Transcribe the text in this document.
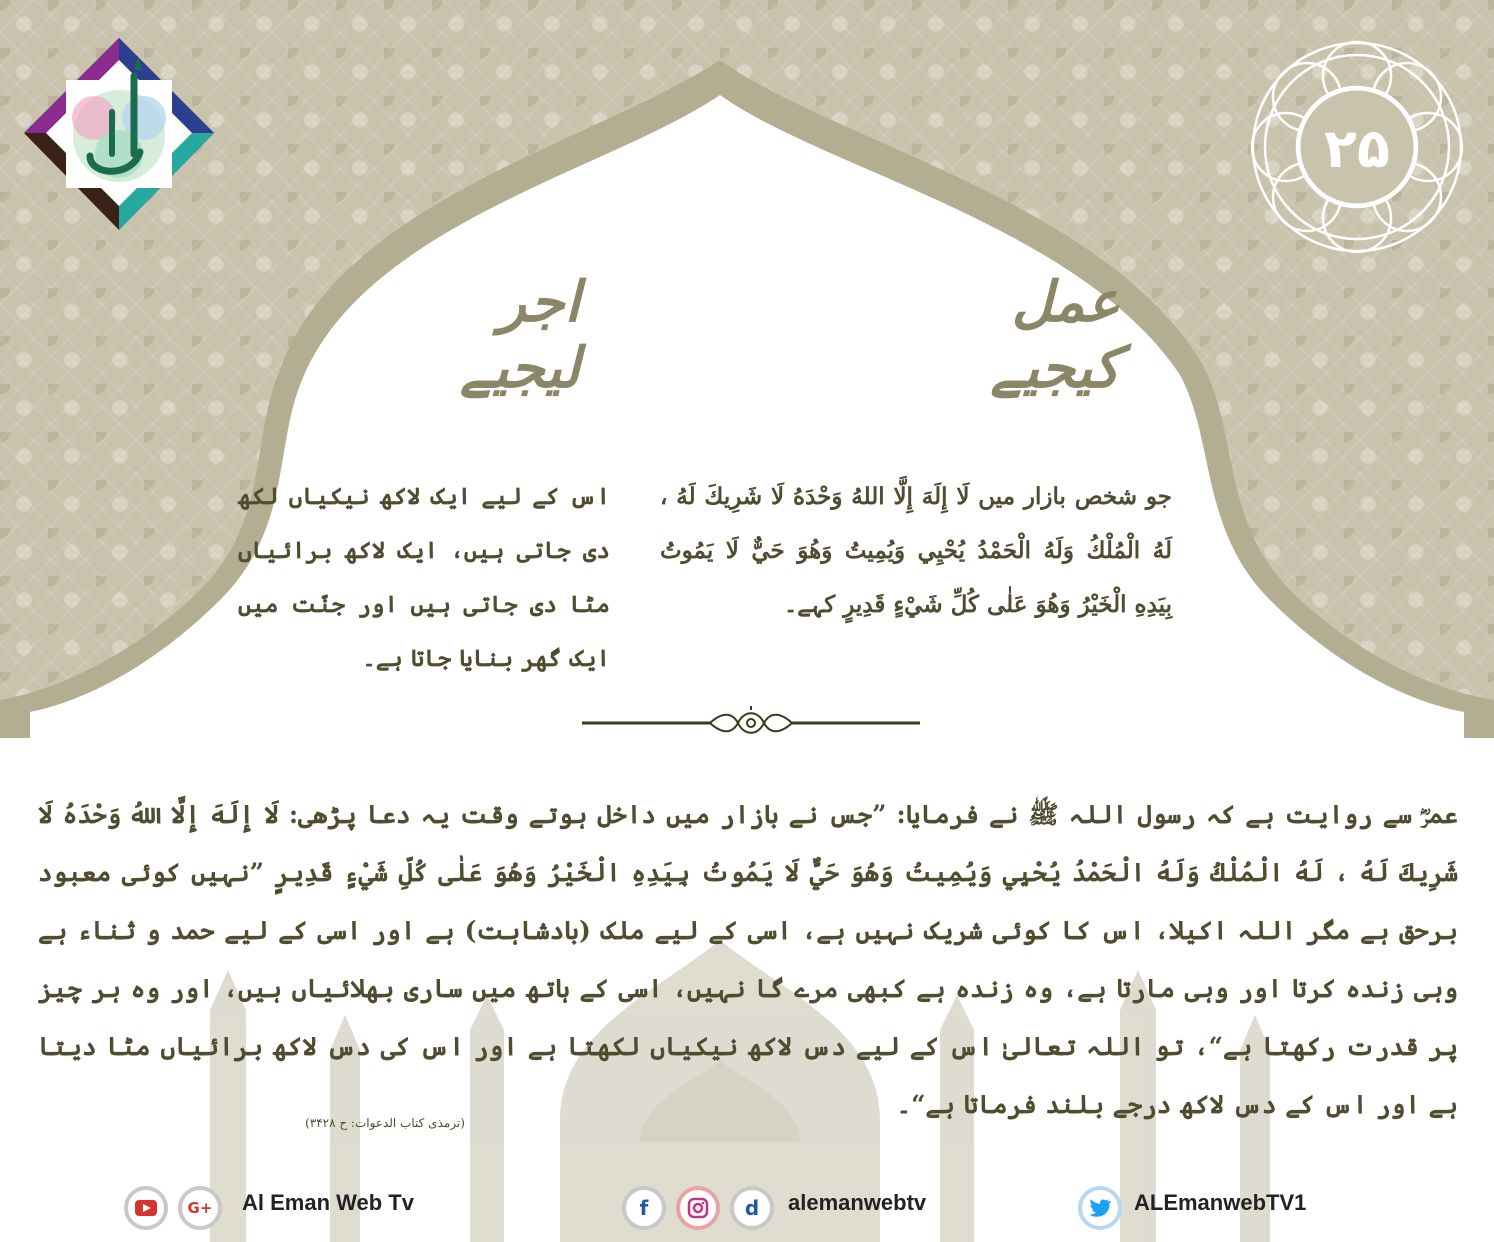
۲۵
عمل کیجیے
اجر لیجیے
جو شخص بازار میں لَا إِلَهَ إِلَّا اللهُ وَحْدَهُ لَا شَرِيكَ لَهُ ، لَهُ الْمُلْكُ وَلَهُ الْحَمْدُ يُحْيِي وَيُمِيتُ وَهُوَ حَيٌّ لَا يَمُوتُ بِيَدِهِ الْخَيْرُ وَهُوَ عَلٰى كُلِّ شَيْءٍ قَدِيرٍ کہے۔
اس کے لیے ایک لاکھ نیکیاں لکھ دی جاتی ہیں، ایک لاکھ برائیاں مٹا دی جاتی ہیں اور جنّت میں ایک گھر بنایا جاتا ہے۔
عمرؓ سے روایت ہے کہ رسول اللہ ﷺ نے فرمایا: ”جس نے بازار میں داخل ہوتے وقت یہ دعا پڑھی: لَا إِلَهَ إِلَّا اللهُ وَحْدَهُ لَا شَرِيكَ لَهُ ، لَهُ الْمُلْكُ وَلَهُ الْحَمْدُ يُحْيِي وَيُمِيتُ وَهُوَ حَيٌّ لَا يَمُوتُ بِيَدِهِ الْخَيْرُ وَهُوَ عَلٰى كُلِّ شَيْءٍ قَدِيرٍ ”نہیں کوئی معبود برحق ہے مگر اللہ اکیلا، اس کا کوئی شریک نہیں ہے، اسی کے لیے ملک (بادشاہت) ہے اور اسی کے لیے حمد و ثناء ہے وہی زندہ کرتا اور وہی مارتا ہے، وہ زندہ ہے کبھی مرے گا نہیں، اسی کے ہاتھ میں ساری بھلائیاں ہیں، اور وہ ہر چیز پر قدرت رکھتا ہے“، تو اللہ تعالیٰ اس کے لیے دس لاکھ نیکیاں لکھتا ہے اور اس کی دس لاکھ برائیاں مٹا دیتا ہے اور اس کے دس لاکھ درجے بلند فرماتا ہے“۔
(ترمذی کتاب الدعوات: ح ۳۴۲۸)
G+	Al Eman Web Tv	f	d	alemanwebtv	ALEmanwebTV1
